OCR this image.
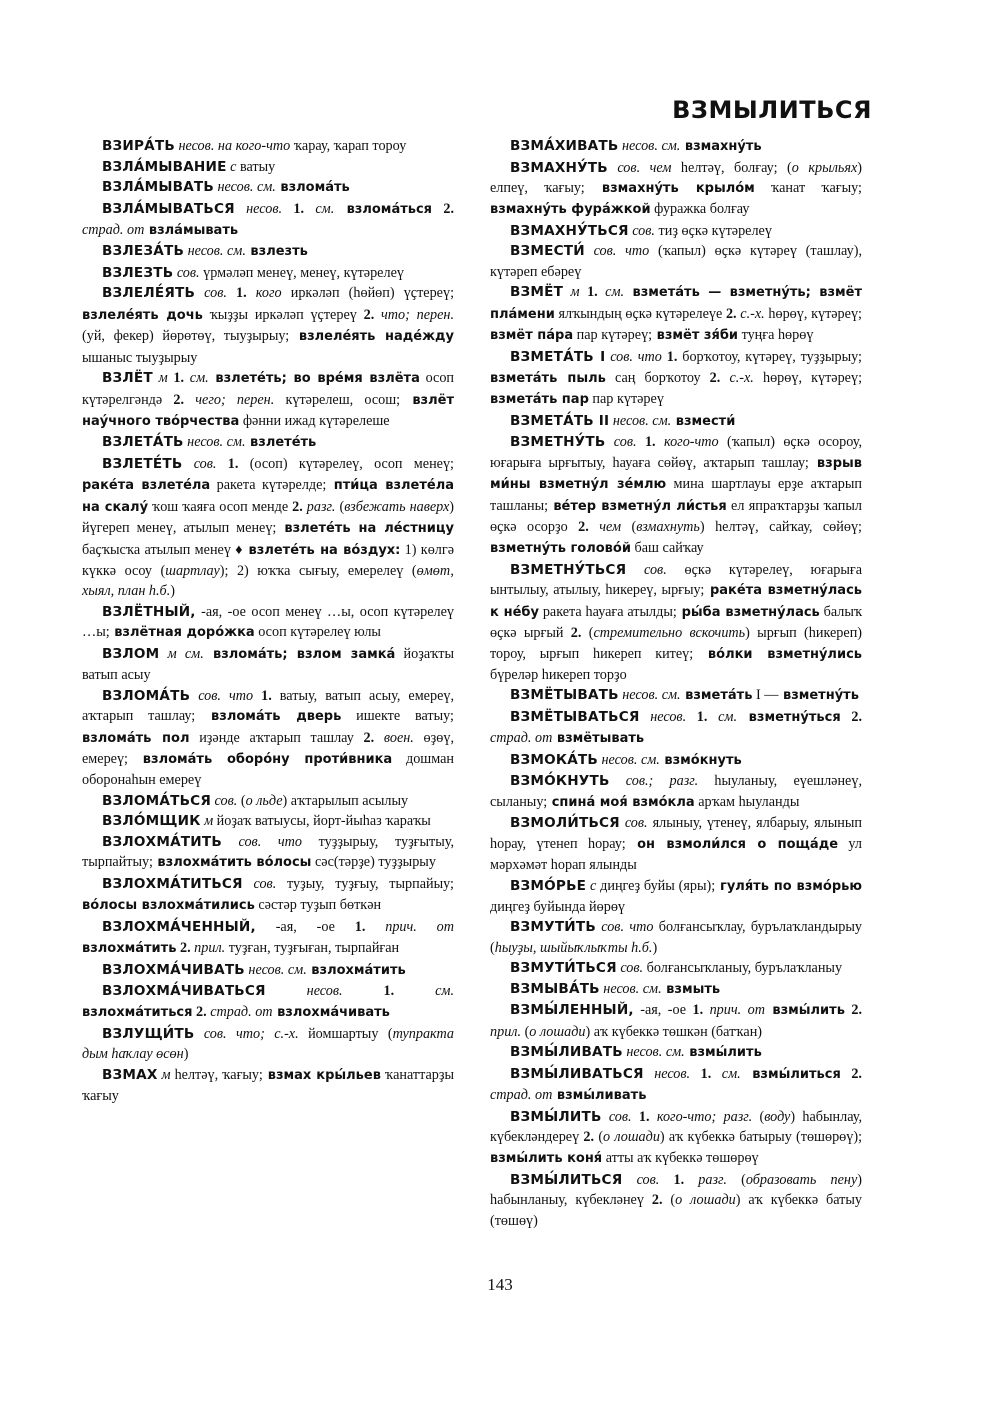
ВЗМЫЛИТЬСЯ

ВЗИРА́ТЬ несов. на кого-что ҡарау, ҡарап тороу

ВЗЛА́МЫВАНИЕ с ватыу

ВЗЛА́МЫВАТЬ несов. см. взлома́ть

ВЗЛА́МЫВАТЬСЯ несов. 1. см. взлома́ться 2. страд. от взла́мывать

ВЗЛЕЗА́ТЬ несов. см. взлезть

ВЗЛЕЗТЬ сов. үрмәләп менеү, менеү, күтәрелеү

ВЗЛЕЛЕ́ЯТЬ сов. 1. кого иркәләп (һөйөп) үҫтереү; взлеле́ять дочь ҡыҙҙы иркәләп үҫтереү 2. что; перен. (уй, фекер) йөрөтөү, тыуҙырыу; взлеле́ять наде́жду ышаныс тыуҙырыу

ВЗЛЁТ м 1. см. взлете́ть; во вре́мя взлёта осоп күтәрелгәндә 2. чего; перен. күтәрелеш, осош; взлёт нау́чного тво́рчества фәнни ижад күтәрелеше

ВЗЛЕТА́ТЬ несов. см. взлете́ть

ВЗЛЕТЕ́ТЬ сов. 1. (осоп) күтәрелеү, осоп менеү; раке́та взлете́ла ракета күтәрелде; пти́ца взлете́ла на скалу́ ҡош ҡаяға осоп менде 2. разг. (взбежать наверх) йүгереп менеү, атылып менеү; взлете́ть на ле́стницу баҫҡысҡа атылып менеү ♦ взлете́ть на во́здух: 1) көлгә күккә осоу (шартлау); 2) юҡҡа сығыу, емерелеү (өмөт, хыял, план һ.б.)

ВЗЛЁТНЫЙ, -ая, -ое осоп менеү …ы, осоп күтәрелеү …ы; взлётная доро́жка осоп күтәрелеү юлы

ВЗЛОМ м см. взлома́ть; взлом замка́ йоҙаҡты ватып асыу

ВЗЛОМА́ТЬ сов. что 1. ватыу, ватып асыу, емереү, аҡтарып ташлау; взлома́ть дверь ишекте ватыу; взлома́ть пол иҙәнде аҡтарып ташлау 2. воен. өҙөү, емереү; взлома́ть оборо́ну проти́вника дошман оборонаһын емереү

ВЗЛОМА́ТЬСЯ сов. (о льде) аҡтарылып асылыу

ВЗЛО́МЩИК м йоҙаҡ ватыусы, йорт-йыһаз ҡараҡы

ВЗЛОХМА́ТИТЬ сов. что туҙҙырыу, туҙғытыу, тырпайтыу; взлохма́тить во́лосы сәс(тәрҙе) туҙҙырыу

ВЗЛОХМА́ТИТЬСЯ сов. туҙыу, туҙғыу, тырпайыу; во́лосы взлохма́тились сәстәр туҙып бөткән

ВЗЛОХМА́ЧЕННЫЙ, -ая, -ое 1. прич. от взлохма́тить 2. прил. туҙған, туҙғыған, тырпайған

ВЗЛОХМА́ЧИВАТЬ несов. см. взлохма́тить

ВЗЛОХМА́ЧИВАТЬСЯ несов. 1. см. взлохма́титься 2. страд. от взлохма́чивать

ВЗЛУЩИ́ТЬ сов. что; с.-х. йомшартыу (тупракта дым һаҡлау өсөн)

ВЗМАХ м һелтәү, ҡағыу; взмах кры́льев ҡанаттарҙы ҡағыу

ВЗМА́ХИВАТЬ несов. см. взмахну́ть

ВЗМАХНУ́ТЬ сов. чем һелтәү, болғау; (о крыльях) елпеү, ҡағыу; взмахну́ть крыло́м ҡанат ҡағыу; взмахну́ть фура́жкой фуражка болғау

ВЗМАХНУ́ТЬСЯ сов. тиҙ өҫкә күтәрелеү

ВЗМЕСТИ́ сов. что (ҡапыл) өҫкә күтәреү (ташлау), күтәреп ебәреү

ВЗМЁТ м 1. см. взмета́ть — взметну́ть; взмёт пла́мени ялҡындың өҫкә күтәрелеүе 2. с.-х. һөрөү, күтәреү; взмёт па́ра пар күтәреү; взмёт зя́би туңға һөрөү

ВЗМЕТА́ТЬ I сов. что 1. борҡотоу, күтәреү, туҙҙырыу; взмета́ть пыль саң борҡотоу 2. с.-х. һөрөү, күтәреү; взмета́ть пар пар күтәреү

ВЗМЕТА́ТЬ II несов. см. взмести́

ВЗМЕТНУ́ТЬ сов. 1. кого-что (ҡапыл) өҫкә осороу, юғарыға ырғытыу, һауаға сөйөү, аҡтарып ташлау; взрыв ми́ны взметну́л зе́млю мина шартлауы ерҙе аҡтарып ташланы; ве́тер взметну́л ли́стья ел япраҡтарҙы ҡапыл өҫкә осорҙо 2. чем (взмахнуть) һелтәү, сайҡау, сөйөү; взметну́ть голово́й баш сайҡау

ВЗМЕТНУ́ТЬСЯ сов. өҫкә күтәрелеү, юғарыға ынтылыу, атылыу, һикереү, ырғыу; раке́та взметну́лась к не́бу ракета һауаға атылды; ры́ба взметну́лась балыҡ өҫкә ырғый 2. (стремительно вскочить) ырғып (һикереп) тороу, ырғып һикереп китеү; во́лки взметну́лись бүреләр һикереп торҙо

ВЗМЁТЫВАТЬ несов. см. взмета́ть I — взметну́ть

ВЗМЁТЫВАТЬСЯ несов. 1. см. взметну́ться 2. страд. от взмётывать

ВЗМОКА́ТЬ несов. см. взмо́кнуть

ВЗМО́КНУТЬ сов.; разг. һыуланыу, еүешләнеү, сыланыу; спина́ моя́ взмо́кла арҡам һыуланды

ВЗМОЛИ́ТЬСЯ сов. ялыныу, үтенеү, ялбарыу, ялынып һорау, үтенеп һорау; он взмоли́лся о поща́де ул мәрхәмәт һорап ялынды

ВЗМО́РЬЕ с диңгеҙ буйы (яры); гуля́ть по взмо́рью диңгеҙ буйында йөрөү

ВЗМУТИ́ТЬ сов. что болғансыҡлау, бурълаҡландырыу (һыуҙы, шыйыҡлыҡты һ.б.)

ВЗМУТИ́ТЬСЯ сов. болғансыҡланыу, бурълаҡланыу

ВЗМЫВА́ТЬ несов. см. взмыть

ВЗМЫ́ЛЕННЫЙ, -ая, -ое 1. прич. от взмы́лить 2. прил. (о лошади) аҡ күбеккә төшкән (батҡан)

ВЗМЫ́ЛИВАТЬ несов. см. взмы́лить

ВЗМЫ́ЛИВАТЬСЯ несов. 1. см. взмы́литься 2. страд. от взмы́ливать

ВЗМЫ́ЛИТЬ сов. 1. кого-что; разг. (воду) һабынлау, күбекләндереү 2. (о лошади) аҡ күбеккә батырыу (төшөрөү); взмы́лить коня́ атты аҡ күбеккә төшөрөү

ВЗМЫ́ЛИТЬСЯ сов. 1. разг. (образовать пену) һабынланыу, күбекләнеү 2. (о лошади) аҡ күбеккә батыу (төшөү)

143
